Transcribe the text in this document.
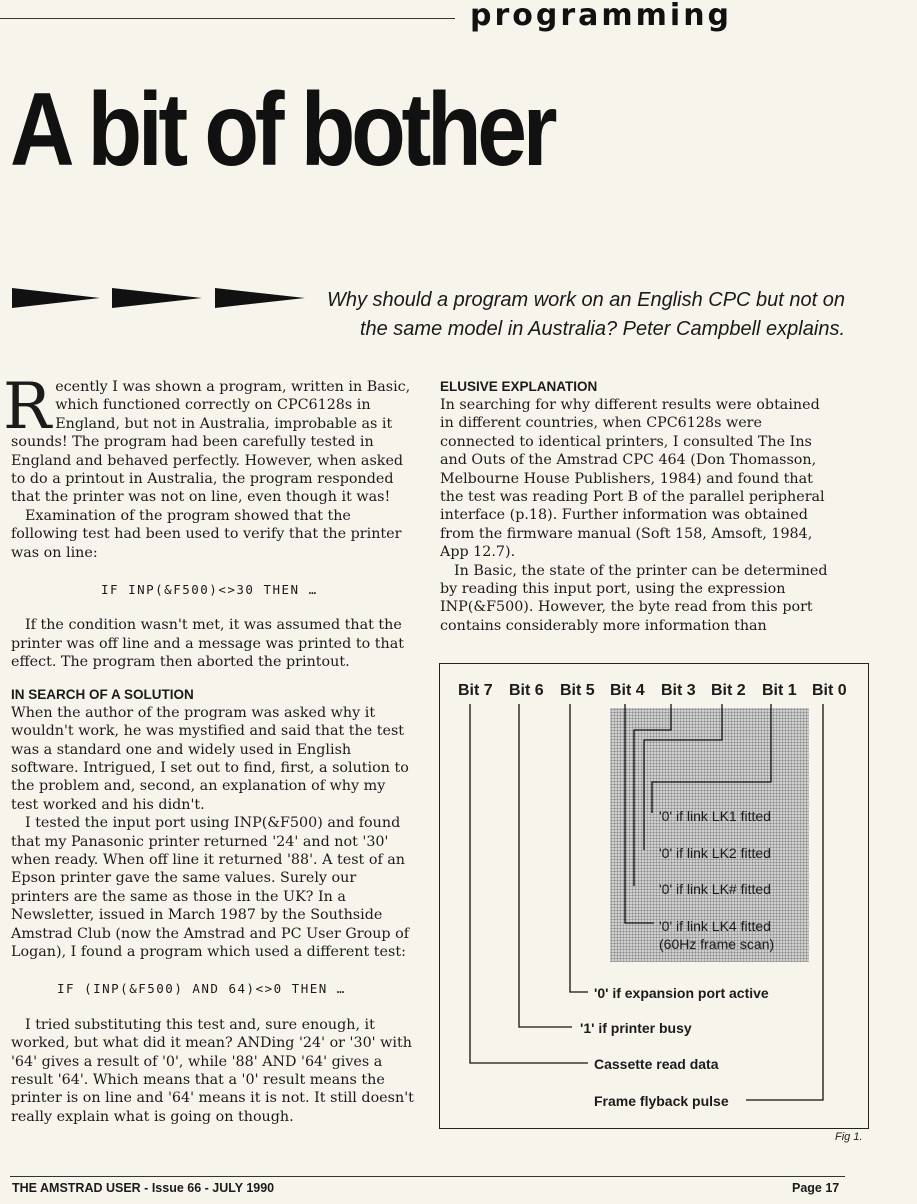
programming
A bit of bother
Why should a program work on an English CPC but not on the same model in Australia? Peter Campbell explains.
R ecently I was shown a program, written in Basic, which functioned correctly on CPC6128s in England, but not in Australia, improbable as it sounds! The program had been carefully tested in England and behaved perfectly. However, when asked to do a printout in Australia, the program responded that the printer was not on line, even though it was!

Examination of the program showed that the following test had been used to verify that the printer was on line:

IF INP(&F500)<>30 THEN …

If the condition wasn't met, it was assumed that the printer was off line and a message was printed to that effect. The program then aborted the printout.

IN SEARCH OF A SOLUTION

When the author of the program was asked why it wouldn't work, he was mystified and said that the test was a standard one and widely used in English software. Intrigued, I set out to find, first, a solution to the problem and, second, an explanation of why my test worked and his didn't.

I tested the input port using INP(&F500) and found that my Panasonic printer returned '24' and not '30' when ready. When off line it returned '88'. A test of an Epson printer gave the same values. Surely our printers are the same as those in the UK? In a Newsletter, issued in March 1987 by the Southside Amstrad Club (now the Amstrad and PC User Group of Logan), I found a program which used a different test:

IF (INP(&F500) AND 64)<>0 THEN …

I tried substituting this test and, sure enough, it worked, but what did it mean? ANDing '24' or '30' with '64' gives a result of '0', while '88' AND '64' gives a result '64'. Which means that a '0' result means the printer is on line and '64' means it is not. It still doesn't really explain what is going on though.

ELUSIVE EXPLANATION

In searching for why different results were obtained in different countries, when CPC6128s were connected to identical printers, I consulted The Ins and Outs of the Amstrad CPC 464 (Don Thomasson, Melbourne House Publishers, 1984) and found that the test was reading Port B of the parallel peripheral interface (p.18). Further information was obtained from the firmware manual (Soft 158, Amsoft, 1984, App 12.7).

In Basic, the state of the printer can be determined by reading this input port, using the expression INP(&F500). However, the byte read from this port contains considerably more information than

Bit 7 Bit 6 Bit 5 Bit 4 Bit 3 Bit 2 Bit 1 Bit 0
'0' if link LK1 fitted
'0' if link LK2 fitted
'0' if link LK# fitted
'0' if link LK4 fitted
(60Hz frame scan)
'0' if expansion port active
'1' if printer busy
Cassette read data
Frame flyback pulse
Fig 1.
THE AMSTRAD USER - Issue 66 - JULY 1990	Page 17
